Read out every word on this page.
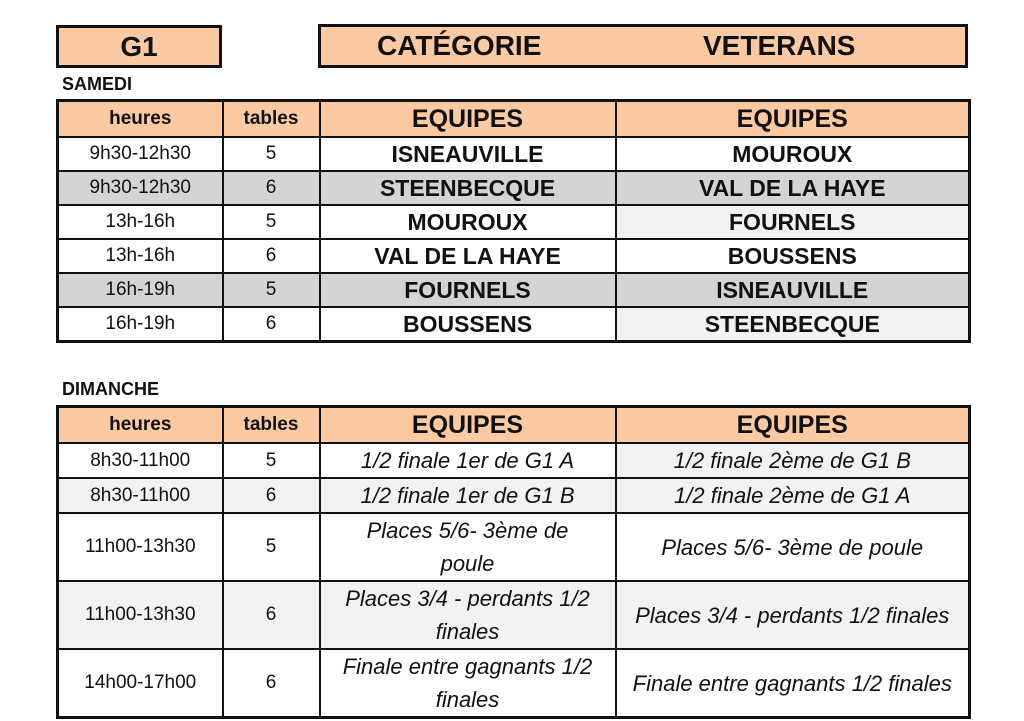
G1	CATÉGORIE	VETERANS
SAMEDI
heures	tables	EQUIPES	EQUIPES
9h30-12h30	5	ISNEAUVILLE	MOUROUX
9h30-12h30	6	STEENBECQUE	VAL DE LA HAYE
13h-16h	5	MOUROUX	FOURNELS
13h-16h	6	VAL DE LA HAYE	BOUSSENS
16h-19h	5	FOURNELS	ISNEAUVILLE
16h-19h	6	BOUSSENS	STEENBECQUE
DIMANCHE
heures	tables	EQUIPES	EQUIPES
8h30-11h00	5	1/2 finale 1er de G1 A	1/2 finale 2ème de G1 B
8h30-11h00	6	1/2 finale 1er de G1 B	1/2 finale 2ème de G1 A
11h00-13h30	5	Places 5/6- 3ème de poule	Places 5/6- 3ème de poule
11h00-13h30	6	Places 3/4 - perdants 1/2 finales	Places 3/4 - perdants 1/2 finales
14h00-17h00	6	Finale entre gagnants 1/2 finales	Finale entre gagnants 1/2 finales
